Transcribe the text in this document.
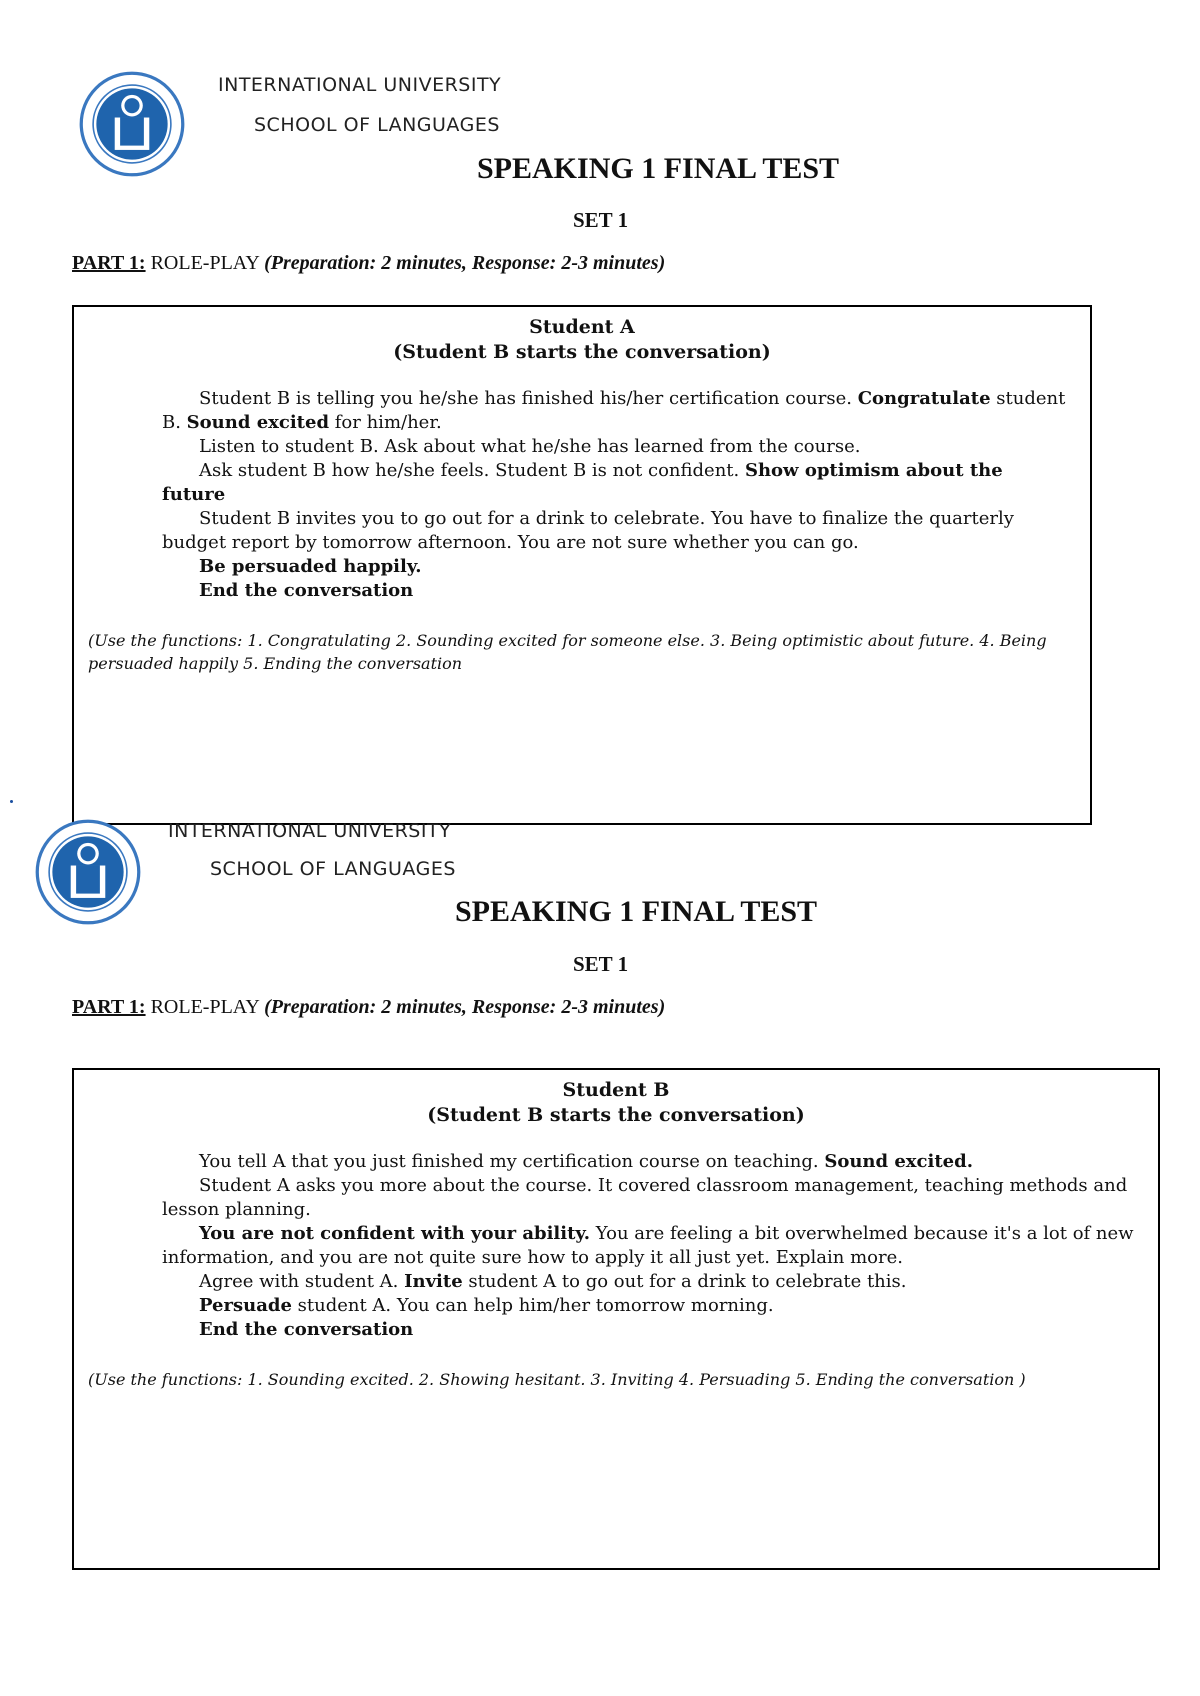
INTERNATIONAL UNIVERSITY
SCHOOL OF LANGUAGES
SPEAKING 1 FINAL TEST
SET 1
PART 1: ROLE-PLAY (Preparation: 2 minutes, Response: 2-3 minutes)
Student A
(Student B starts the conversation)

Student B is telling you he/she has finished his/her certification course. Congratulate student B. Sound excited for him/her.

Listen to student B. Ask about what he/she has learned from the course.

Ask student B how he/she feels. Student B is not confident. Show optimism about the future

Student B invites you to go out for a drink to celebrate. You have to finalize the quarterly budget report by tomorrow afternoon. You are not sure whether you can go.

Be persuaded happily.

End the conversation

(Use the functions: 1. Congratulating 2. Sounding excited for someone else. 3. Being optimistic about future. 4. Being persuaded happily 5. Ending the conversation
INTERNATIONAL UNIVERSITY
SCHOOL OF LANGUAGES
SPEAKING 1 FINAL TEST
SET 1
PART 1: ROLE-PLAY (Preparation: 2 minutes, Response: 2-3 minutes)
Student B
(Student B starts the conversation)

You tell A that you just finished my certification course on teaching. Sound excited.

Student A asks you more about the course. It covered classroom management, teaching methods and lesson planning.

You are not confident with your ability. You are feeling a bit overwhelmed because it's a lot of new information, and you are not quite sure how to apply it all just yet. Explain more.

Agree with student A. Invite student A to go out for a drink to celebrate this.

Persuade student A. You can help him/her tomorrow morning.

End the conversation

(Use the functions: 1. Sounding excited. 2. Showing hesitant. 3. Inviting 4. Persuading 5. Ending the conversation )
